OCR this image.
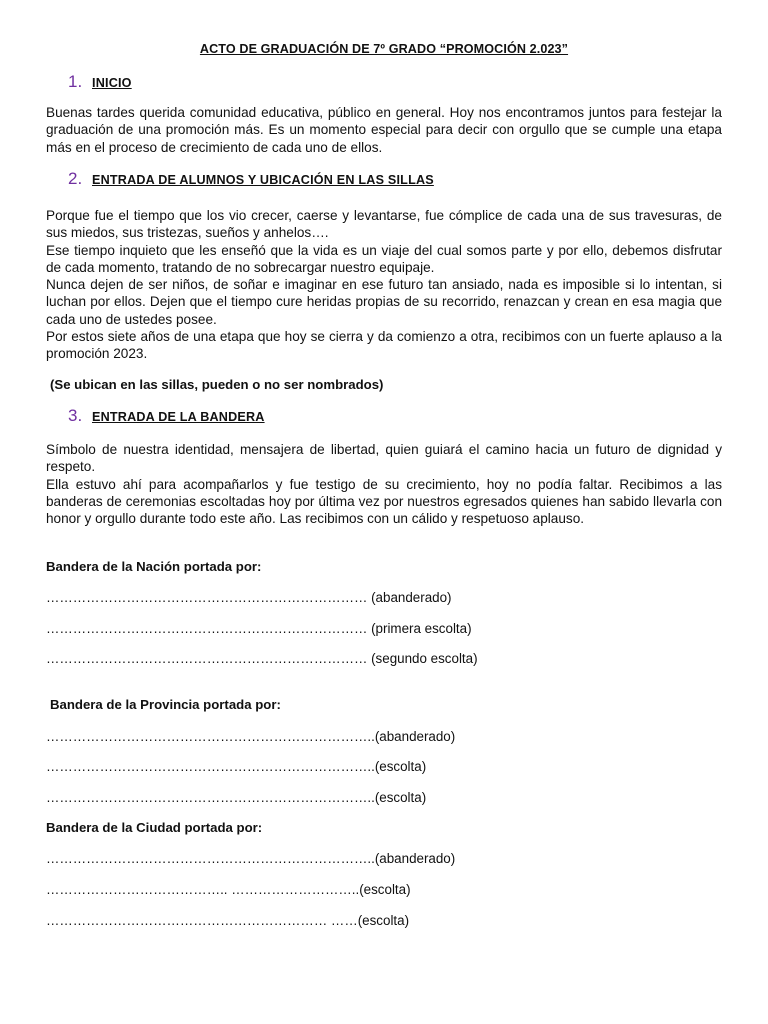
ACTO DE GRADUACIÓN DE 7º GRADO “PROMOCIÓN 2.023”
1. INICIO

Buenas tardes querida comunidad educativa, público en general. Hoy nos encontramos juntos para festejar la graduación de una promoción más. Es un momento especial para decir con orgullo que se cumple una etapa más en el proceso de crecimiento de cada uno de ellos.

2. ENTRADA DE ALUMNOS Y UBICACIÓN EN LAS SILLAS
Porque fue el tiempo que los vio crecer, caerse y levantarse, fue cómplice de cada una de sus travesuras, de sus miedos, sus tristezas, sueños y anhelos….
Ese tiempo inquieto que les enseñó que la vida es un viaje del cual somos parte y por ello, debemos disfrutar de cada momento, tratando de no sobrecargar nuestro equipaje.
Nunca dejen de ser niños, de soñar e imaginar en ese futuro tan ansiado, nada es imposible si lo intentan, si luchan por ellos. Dejen que el tiempo cure heridas propias de su recorrido, renazcan y crean en esa magia que cada uno de ustedes posee.
Por estos siete años de una etapa que hoy se cierra y da comienzo a otra, recibimos con un fuerte aplauso a la promoción 2023.
(Se ubican en las sillas, pueden o no ser nombrados)
3. ENTRADA DE LA BANDERA
Símbolo de nuestra identidad, mensajera de libertad, quien guiará el camino hacia un futuro de dignidad y respeto.
Ella estuvo ahí para acompañarlos y fue testigo de su crecimiento, hoy no podía faltar. Recibimos a las banderas de ceremonias escoltadas hoy por última vez por nuestros egresados quienes han sabido llevarla con honor y orgullo durante todo este año. Las recibimos con un cálido y respetuoso aplauso.
Bandera de la Nación portada por:
……………………………………………………………… (abanderado)
……………………………………………………………… (primera escolta)
……………………………………………………………… (segundo escolta)
Bandera de la Provincia portada por:
………………………………………………………………..(abanderado)
………………………………………………………………..(escolta)
………………………………………………………………..(escolta)
Bandera de la Ciudad portada por:
………………………………………………………………..(abanderado)
………………………………….. ………………………..(escolta)
……………………………………………………… ……(escolta)
